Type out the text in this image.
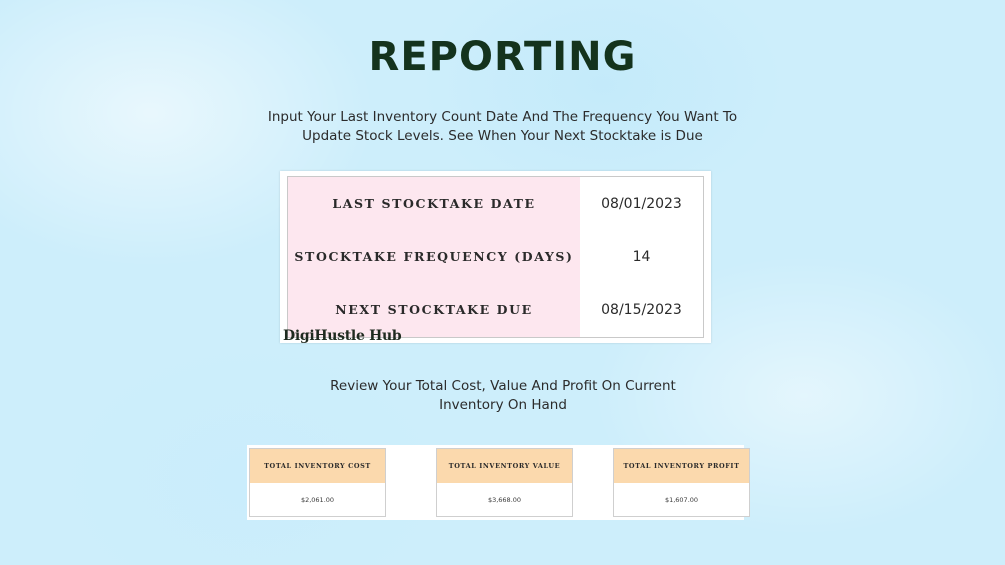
REPORTING
Input Your Last Inventory Count Date And The Frequency You Want To Update Stock Levels. See When Your Next Stocktake is Due
LAST STOCKTAKE DATE
STOCKTAKE FREQUENCY (DAYS)
NEXT STOCKTAKE DUE
08/01/2023
14
08/15/2023
DigiHustle Hub
Review Your Total Cost, Value And Profit On Current Inventory On Hand
TOTAL INVENTORY COST
$2,061.00
TOTAL INVENTORY VALUE
$3,668.00
TOTAL INVENTORY PROFIT
$1,607.00
